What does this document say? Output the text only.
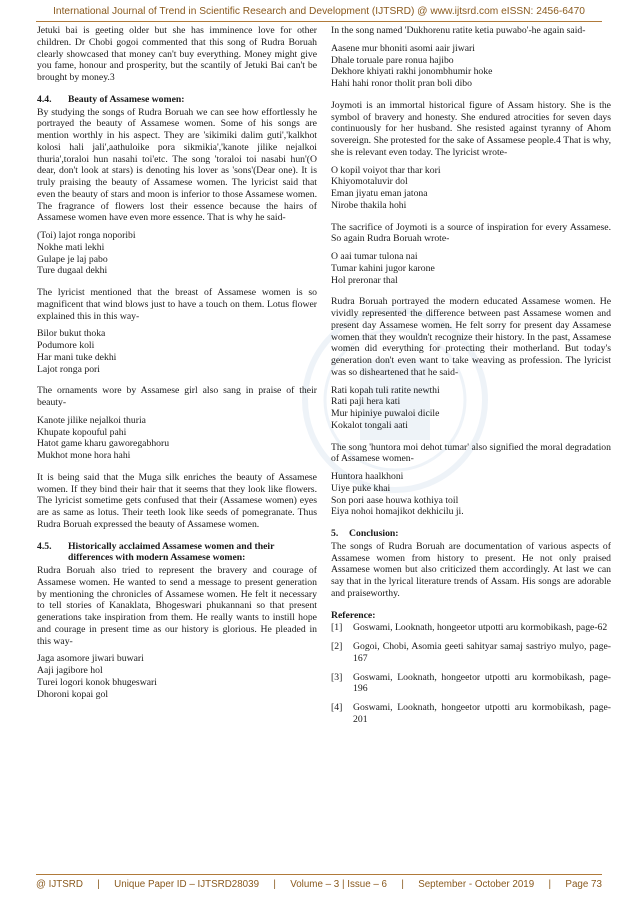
International Journal of Trend in Scientific Research and Development (IJTSRD) @ www.ijtsrd.com eISSN: 2456-6470

Jetuki bai is geeting older but she has imminence love for other children. Dr Chobi gogoi commented that this song of Rudra Boruah clearly showcased that money can't buy everything. Money might give you fame, honour and prosperity, but the scantily of Jetuki Bai can't be brought by money.3

4.4.	Beauty of Assamese women:

By studying the songs of Rudra Boruah we can see how effortlessly he portrayed the beauty of Assamese women. Some of his songs are mention worthly in his aspect. They are 'sikimiki dalim guti','kalkhot kolosi hali jali',aathuloike pora sikmikia','kanote jilike nejalkoi thuria',toraloi hun nasahi toi'etc. The song 'toraloi toi nasabi hun'(O dear, don't look at stars) is denoting his lover as 'sons'(Dear one). It is truly praising the beauty of Assamese women. The lyricist said that even the beauty of stars and moon is inferior to those Assamese women. The fragrance of flowers lost their essence because the hairs of Assamese women have even more essence. That is why he said-

(Toi) lajot ronga noporibi
Nokhe mati lekhi
Gulape je laj pabo
Ture dugaal dekhi

The lyricist mentioned that the breast of Assamese women is so magnificent that wind blows just to have a touch on them. Lotus flower explained this in this way-

Bilor bukut thoka
Podumore koli
Har mani tuke dekhi
Lajot ronga pori

The ornaments wore by Assamese girl also sang in praise of their beauty-

Kanote jilike nejalkoi thuria
Khupate kopouful pahi
Hatot game kharu gaworegabhoru
Mukhot mone hora hahi

It is being said that the Muga silk enriches the beauty of Assamese women. If they bind their hair that it seems that they look like flowers. The lyricist sometime gets confused that their (Assamese women) eyes are as same as lotus. Their teeth look like seeds of pomegranate. Thus Rudra Boruah expressed the beauty of Assamese women.

4.5.	Historically acclaimed Assamese women and their differences with modern Assamese women:

Rudra Boruah also tried to represent the bravery and courage of Assamese women. He wanted to send a message to present generation by mentioning the chronicles of Assamese women. He felt it necessary to tell stories of Kanaklata, Bhogeswari phukannani so that present generations take inspiration from them. He really wants to instill hope and courage in present time as our history is glorious. He pleaded in this way-

Jaga asomore jiwari buwari
Aaji jagibore hol
Turei logori konok bhugeswari
Dhoroni kopai gol

In the song named 'Dukhorenu ratite ketia puwabo'-he again said-

Aasene mur bhoniti asomi aair jiwari
Dhale toruale pare ronua hajibo
Dekhore khiyati rakhi jonombhumir hoke
Hahi hahi ronor tholit pran boli dibo

Joymoti is an immortal historical figure of Assam history. She is the symbol of bravery and honesty. She endured atrocities for seven days continuously for her husband. She resisted against tyranny of Ahom sovereign. She protested for the sake of Assamese people.4 That is why, she is relevant even today. The lyricist wrote-

O kopil voiyot thar thar kori
Khiyomotaluvir dol
Eman jiyatu eman jatona
Nirobe thakila hohi

The sacrifice of Joymoti is a source of inspiration for every Assamese. So again Rudra Boruah wrote-

O aai tumar tulona nai
Tumar kahini jugor karone
Hol preronar thal

Rudra Boruah portrayed the modern educated Assamese women. He vividly represented the difference between past Assamese women and present day Assamese women. He felt sorry for present day Assamese women that they wouldn't recognize their history. In the past, Assamese women did everything for protecting their motherland. But today's generation don't even want to take weaving as profession. The lyricist was so disheartened that he said-

Rati kopah tuli ratite newthi
Rati paji hera kati
Mur hipiniye puwaloi dicile
Kokalot tongali aati

The song 'huntora moi dehot tumar' also signified the moral degradation of Assamese women-

Huntora haalkhoni
Uiye puke khai
Son pori aase houwa kothiya toil
Eiya nohoi homajikot dekhicilu ji.
5.	Conclusion:

The songs of Rudra Boruah are documentation of various aspects of Assamese women from history to present. He not only praised Assamese women but also criticized them accordingly. At last we can say that in the lyrical literature trends of Assam. His songs are adorable and praiseworthy.

Reference:
[1]	Goswami, Looknath, hongeetor utpotti aru kormobikash, page-62
[2]	Gogoi, Chobi, Asomia geeti sahityar samaj sastriyo mulyo, page-167
[3]	Goswami, Looknath, hongeetor utpotti aru kormobikash, page-196
[4]	Goswami, Looknath, hongeetor utpotti aru kormobikash, page-201
@ IJTSRD | Unique Paper ID – IJTSRD28039 | Volume – 3 | Issue – 6 | September - October 2019 | Page 73
